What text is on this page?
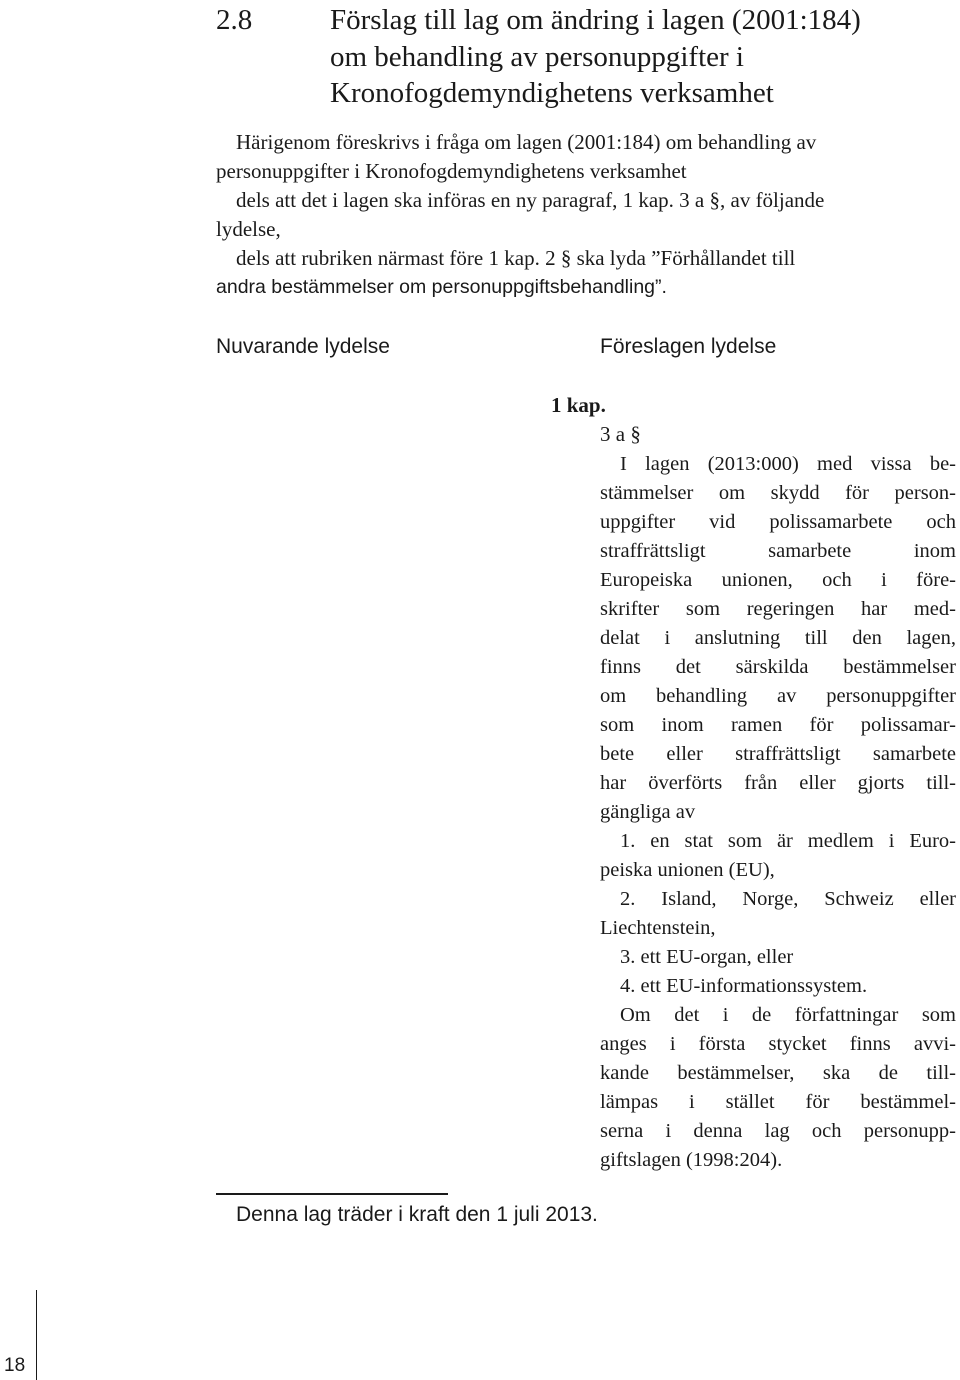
2.8	Förslag till lag om ändring i lagen (2001:184)
om behandling av personuppgifter i
Kronofogdemyndighetens verksamhet

Härigenom föreskrivs i fråga om lagen (2001:184) om behandling av

personuppgifter i Kronofogdemyndighetens verksamhet

dels att det i lagen ska införas en ny paragraf, 1 kap. 3 a §, av följande

lydelse,

dels att rubriken närmast före 1 kap. 2 § ska lyda ”Förhållandet till

andra bestämmelser om personuppgiftsbehandling”.

Nuvarande lydelse	Föreslagen lydelse
1 kap.
3 a §

I lagen (2013:000) med vissa be-

stämmelser om skydd för person-

uppgifter vid polissamarbete och

straffrättsligt samarbete inom

Europeiska unionen, och i före-

skrifter som regeringen har med-

delat i anslutning till den lagen,

finns det särskilda bestämmelser

om behandling av personuppgifter

som inom ramen för polissamar-

bete eller straffrättsligt samarbete

har överförts från eller gjorts till-

gängliga av

1. en stat som är medlem i Euro-

peiska unionen (EU),

2. Island, Norge, Schweiz eller

Liechtenstein,

3. ett EU-organ, eller

4. ett EU-informationssystem.

Om det i de författningar som

anges i första stycket finns avvi-

kande bestämmelser, ska de till-

lämpas i stället för bestämmel-

serna i denna lag och personupp-

giftslagen (1998:204).

Denna lag träder i kraft den 1 juli 2013.
18
